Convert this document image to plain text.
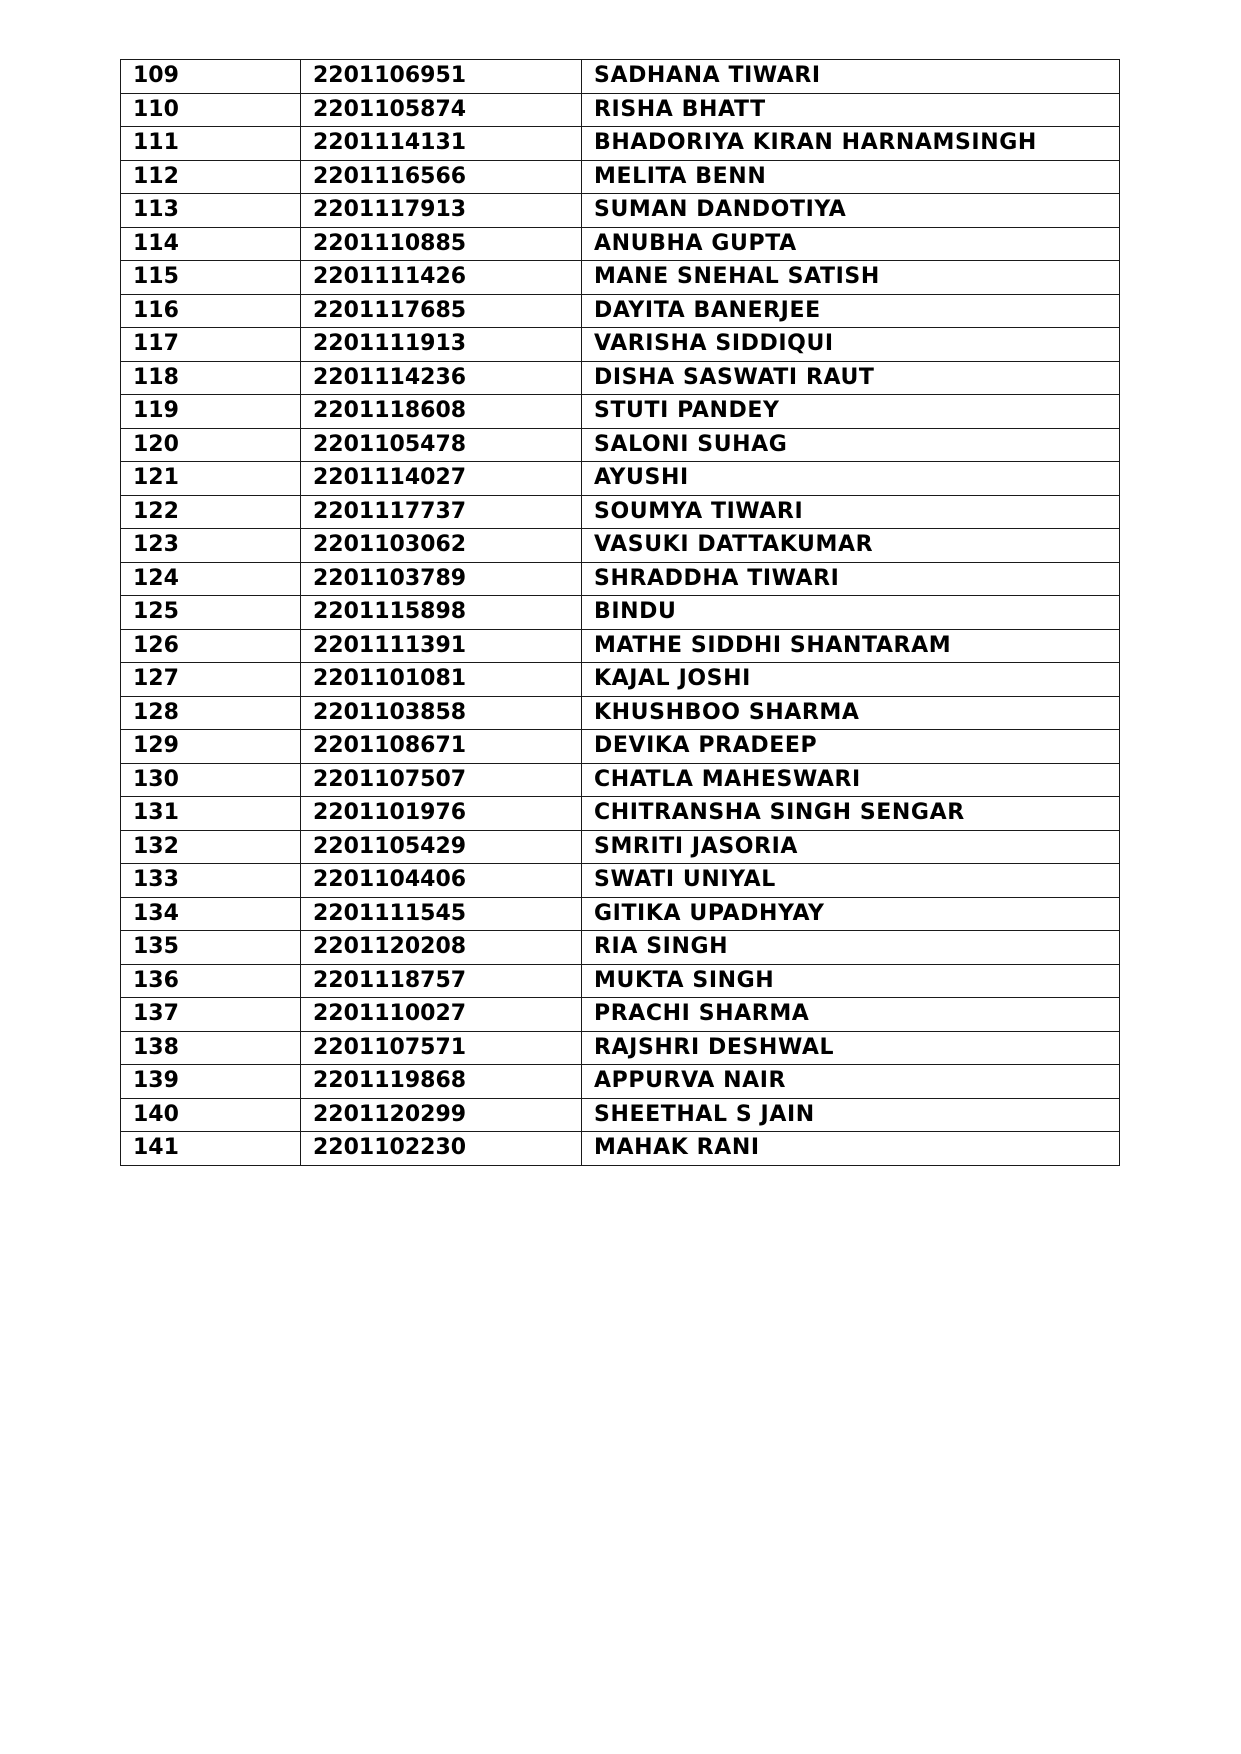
109	2201106951	SADHANA TIWARI
110	2201105874	RISHA BHATT
111	2201114131	BHADORIYA KIRAN HARNAMSINGH
112	2201116566	MELITA BENN
113	2201117913	SUMAN DANDOTIYA
114	2201110885	ANUBHA GUPTA
115	2201111426	MANE SNEHAL SATISH
116	2201117685	DAYITA BANERJEE
117	2201111913	VARISHA SIDDIQUI
118	2201114236	DISHA SASWATI RAUT
119	2201118608	STUTI PANDEY
120	2201105478	SALONI SUHAG
121	2201114027	AYUSHI
122	2201117737	SOUMYA TIWARI
123	2201103062	VASUKI DATTAKUMAR
124	2201103789	SHRADDHA TIWARI
125	2201115898	BINDU
126	2201111391	MATHE SIDDHI SHANTARAM
127	2201101081	KAJAL JOSHI
128	2201103858	KHUSHBOO SHARMA
129	2201108671	DEVIKA PRADEEP
130	2201107507	CHATLA MAHESWARI
131	2201101976	CHITRANSHA SINGH SENGAR
132	2201105429	SMRITI JASORIA
133	2201104406	SWATI UNIYAL
134	2201111545	GITIKA UPADHYAY
135	2201120208	RIA SINGH
136	2201118757	MUKTA SINGH
137	2201110027	PRACHI SHARMA
138	2201107571	RAJSHRI DESHWAL
139	2201119868	APPURVA NAIR
140	2201120299	SHEETHAL S JAIN
141	2201102230	MAHAK RANI
